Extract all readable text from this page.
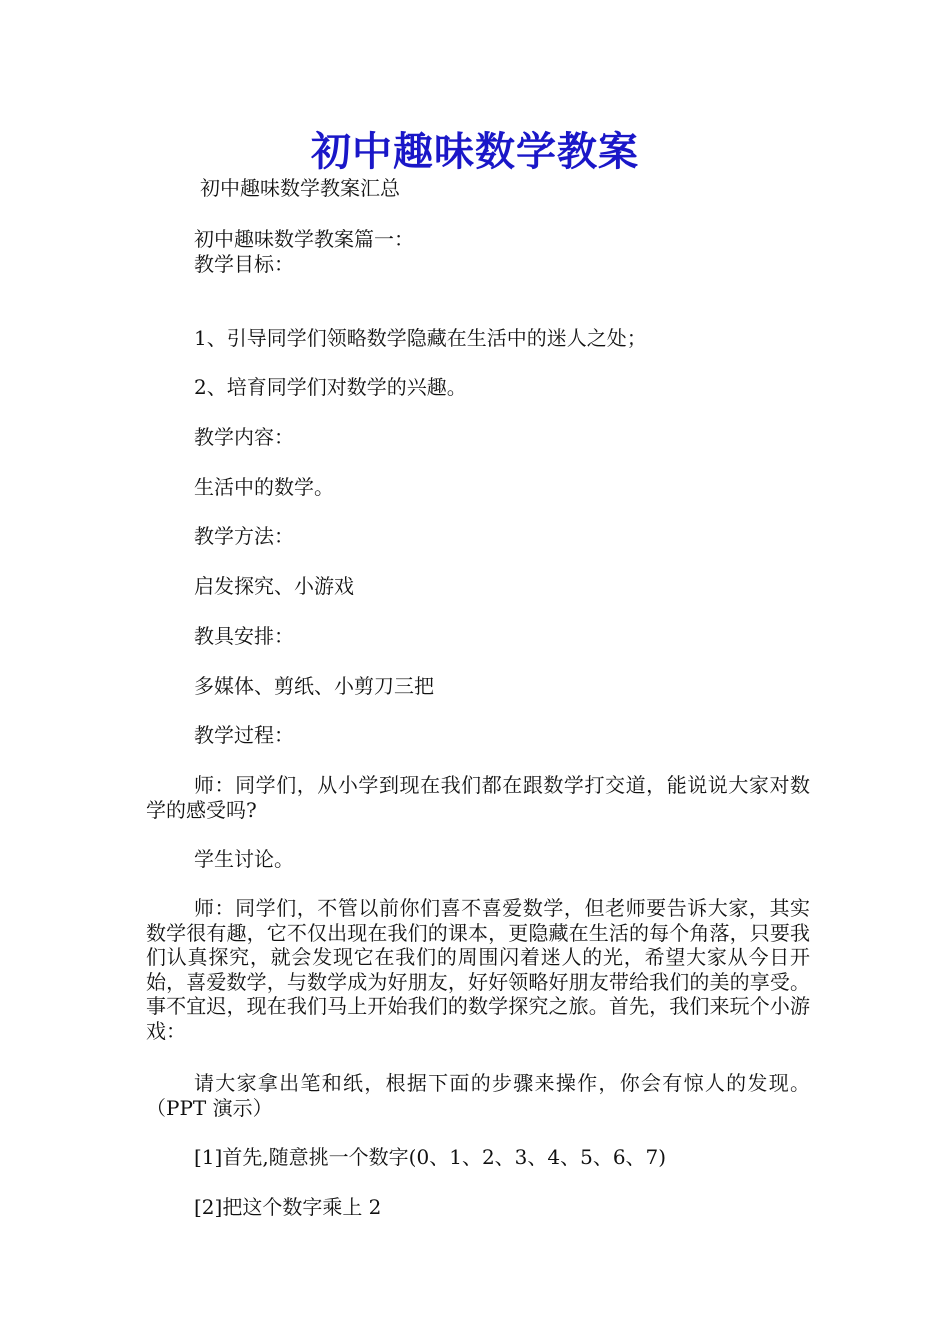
初中趣味数学教案
初中趣味数学教案汇总
初中趣味数学教案篇一：
教学目标：
1、引导同学们领略数学隐藏在生活中的迷人之处；
2、培育同学们对数学的兴趣。
教学内容：
生活中的数学。
教学方法：
启发探究、小游戏
教具安排：
多媒体、剪纸、小剪刀三把
教学过程：
师：同学们，从小学到现在我们都在跟数学打交道，能说说大家对数学的感受吗?
学生讨论。
师：同学们，不管以前你们喜不喜爱数学，但老师要告诉大家，其实数学很有趣，它不仅出现在我们的课本，更隐藏在生活的每个角落，只要我们认真探究，就会发现它在我们的周围闪着迷人的光，希望大家从今日开始，喜爱数学，与数学成为好朋友，好好领略好朋友带给我们的美的享受。事不宜迟，现在我们马上开始我们的数学探究之旅。首先，我们来玩个小游戏：
请大家拿出笔和纸，根据下面的步骤来操作，你会有惊人的发现。（PPT 演示）
[1]首先,随意挑一个数字(0、1、2、3、4、5、6、7)
[2]把这个数字乘上 2
